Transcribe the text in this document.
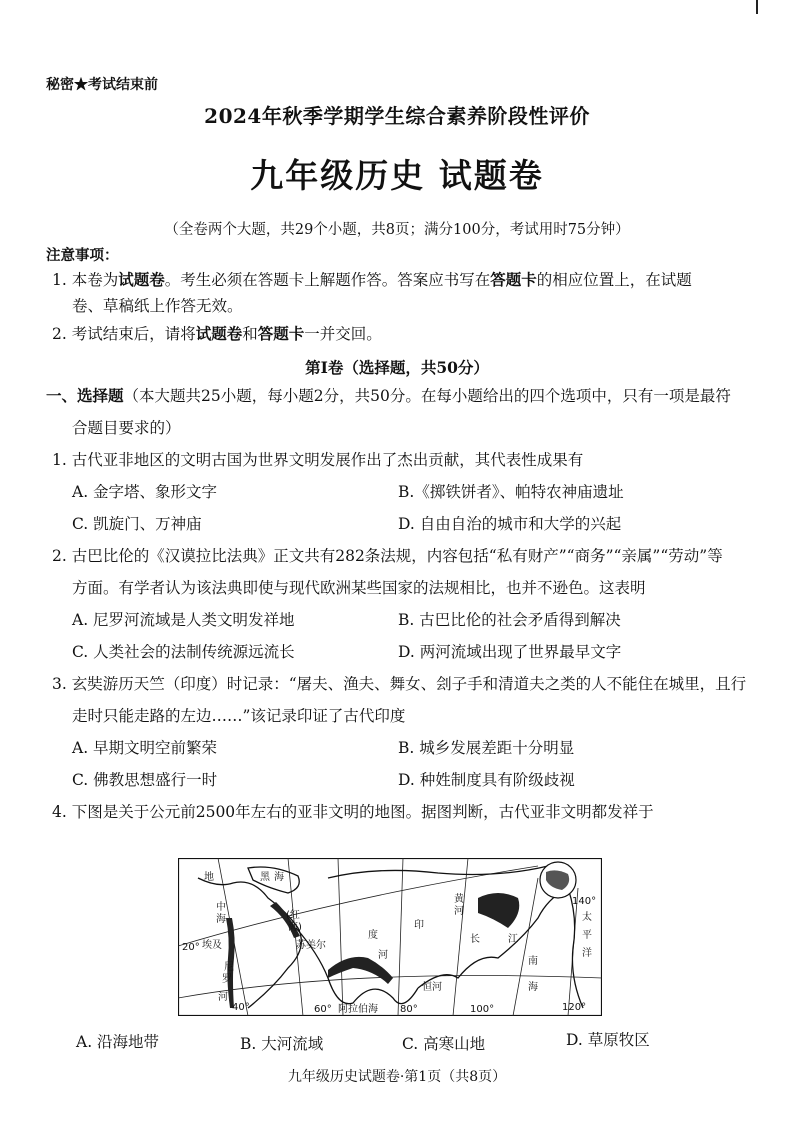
秘密★考试结束前
2024年秋季学期学生综合素养阶段性评价
九年级历史 试题卷
（全卷两个大题，共29个小题，共8页；满分100分，考试用时75分钟）
注意事项：
1. 本卷为试题卷。考生必须在答题卡上解题作答。答案应书写在答题卡的相应位置上，在试题
卷、草稿纸上作答无效。
2. 考试结束后，请将试题卷和答题卡一并交回。
第Ⅰ卷（选择题，共50分）
一、选择题（本大题共25小题，每小题2分，共50分。在每小题给出的四个选项中，只有一项是最符
合题目要求的）
1. 古代亚非地区的文明古国为世界文明发展作出了杰出贡献，其代表性成果有
A. 金字塔、象形文字	B.《掷铁饼者》、帕特农神庙遗址
C. 凯旋门、万神庙	D. 自由自治的城市和大学的兴起
2. 古巴比伦的《汉谟拉比法典》正文共有282条法规，内容包括“私有财产”“商务”“亲属”“劳动”等
方面。有学者认为该法典即使与现代欧洲某些国家的法规相比，也并不逊色。这表明
A. 尼罗河流域是人类文明发祥地	B. 古巴比伦的社会矛盾得到解决
C. 人类社会的法制传统源远流长	D. 两河流域出现了世界最早文字
3. 玄奘游历天竺（印度）时记录：“屠夫、渔夫、舞女、刽子手和清道夫之类的人不能住在城里，且行
走时只能走路的左边……”该记录印证了古代印度
A. 早期文明空前繁荣	B. 城乡发展差距十分明显
C. 佛教思想盛行一时	D. 种姓制度具有阶级歧视
4. 下图是关于公元前2500年左右的亚非文明的地图。据图判断，古代亚非文明都发祥于
地
中
海
黑 海
(红
海)
埃及
尼
罗
河
苏美尔
印
度
河
恒河
阿拉伯海
黄
河
长	江
南
海
太
平
洋
20°
40°	60°	80°	100°	120°
140°
A. 沿海地带	B. 大河流域	C. 高寒山地	D. 草原牧区
九年级历史试题卷·第1页（共8页）
